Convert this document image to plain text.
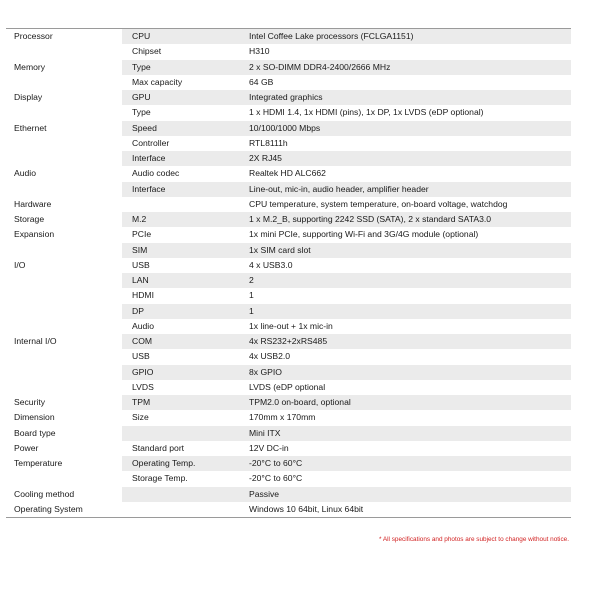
Processor	CPU	Intel Coffee Lake processors (FCLGA1151)
	Chipset	H310
Memory	Type	2 x SO-DIMM DDR4-2400/2666 MHz
	Max capacity	64 GB
Display	GPU	Integrated graphics
	Type	1 x HDMI 1.4, 1x HDMI (pins), 1x DP, 1x LVDS (eDP optional)
Ethernet	Speed	10/100/1000 Mbps
	Controller	RTL8111h
	Interface	2X RJ45
Audio	Audio codec	Realtek HD ALC662
	Interface	Line-out, mic-in, audio header, amplifier header
Hardware		CPU temperature, system temperature, on-board voltage, watchdog
Storage	M.2	1 x M.2_B, supporting 2242 SSD (SATA), 2 x standard SATA3.0
Expansion	PCIe	1x mini PCIe, supporting Wi-Fi and 3G/4G module (optional)
	SIM	1x SIM card slot
I/O	USB	4 x USB3.0
	LAN	2
	HDMI	1
	DP	1
	Audio	1x line-out + 1x mic-in
Internal I/O	COM	4x RS232+2xRS485
	USB	4x USB2.0
	GPIO	8x GPIO
	LVDS	LVDS (eDP optional
Security	TPM	TPM2.0 on-board, optional
Dimension	Size	170mm x 170mm
Board type		Mini ITX
Power	Standard port	12V DC-in
Temperature	Operating Temp.	-20°C to 60°C
	Storage Temp.	-20°C to 60°C
Cooling method		Passive
Operating System		Windows 10 64bit, Linux 64bit
* All specifications and photos are subject to change without notice.
